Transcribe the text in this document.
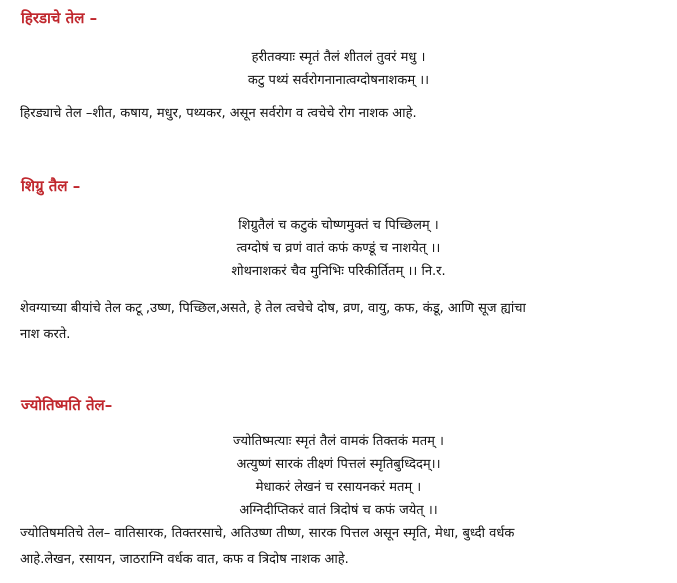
हिरडाचे तेल –
हरीतक्याः स्मृतं तैलं शीतलं तुवरं मधु ।
कटु पथ्यं सर्वरोगनानात्वग्दोषनाशकम् ।।
हिरड्याचे तेल –शीत, कषाय, मधुर, पथ्यकर, असून सर्वरोग व त्वचेचे रोग नाशक आहे.
शिग्रु तैल –
शिग्रुतैलं च कटुकं चोष्णमुक्तं च पिच्छिलम् ।
त्वग्दोषं च व्रणं वातं कफं कण्डूं च नाशयेत् ।।
शोथनाशकरं चैव मुनिभिः परिकीर्तितम् ।। नि.र.
शेवग्याच्या बीयांचे तेल कटू ,उष्ण, पिच्छिल,असते, हे तेल त्वचेचे दोष, व्रण, वायु, कफ, कंडू, आणि सूज ह्यांचा
नाश करते.
ज्योतिष्मति तेल–
ज्योतिष्मत्याः स्मृतं तैलं वामकं तिक्तकं मतम् ।
अत्युष्णं सारकं तीक्ष्णं पित्तलं स्मृतिबुध्दिदम्।।
मेधाकरं लेखनं च रसायनकरं मतम् ।
अग्निदीप्तिकरं वातं त्रिदोषं च कफं जयेत् ।।
ज्योतिषमतिचे तेल– वातिसारक, तिक्तरसाचे, अतिउष्ण तीष्ण, सारक पित्तल असून स्मृति, मेधा, बुध्दी वर्धक
आहे.लेखन, रसायन, जाठराग्नि वर्धक वात, कफ व त्रिदोष नाशक आहे.
